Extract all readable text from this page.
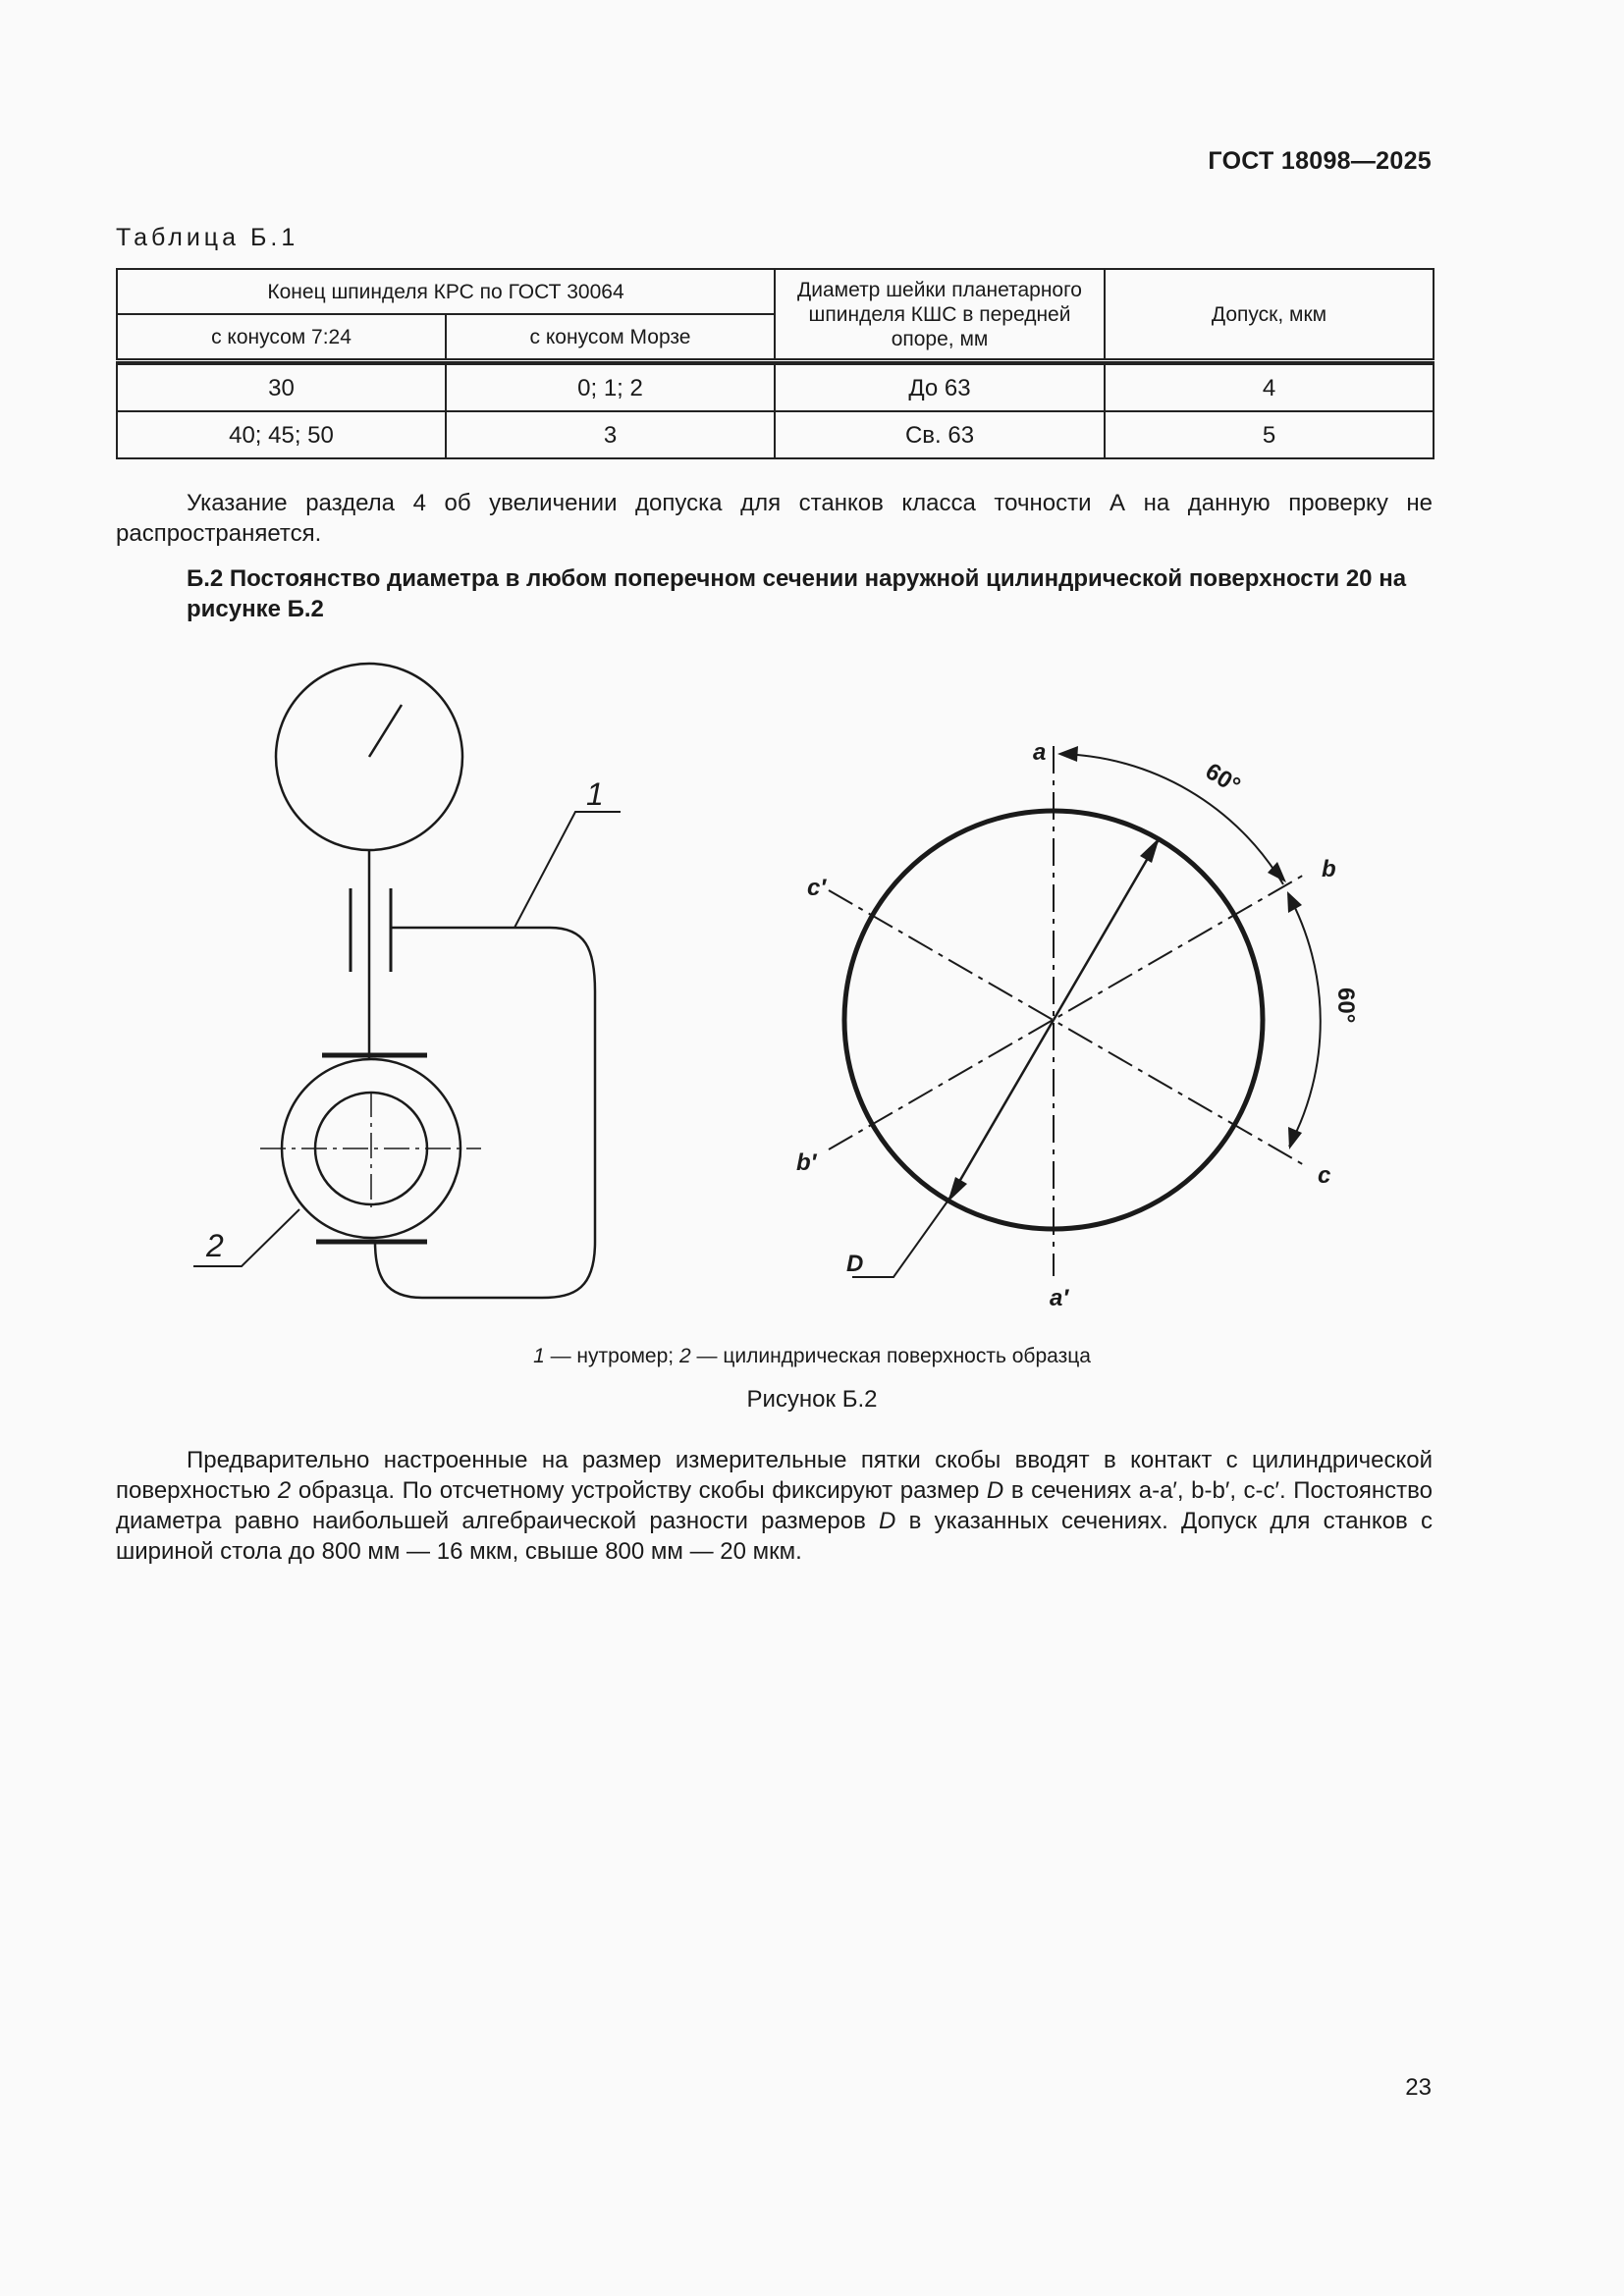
ГОСТ 18098—2025
Таблица Б.1
Конец шпинделя КРС по ГОСТ 30064		Диаметр шейки планетарного шпинделя КШС в передней опоре, мм	Допуск, мкм
с конусом 7:24	с конусом Морзе		

30	0; 1; 2	До 63	4
40; 45; 50	3	Св. 63	5
Указание раздела 4 об увеличении допуска для станков класса точности А на данную проверку не распространяется.
Б.2 Постоянство диаметра в любом поперечном сечении наружной цилиндрической поверхности 20 на рисунке Б.2
1
2
a
a′
b
b′	c
c′
D
60°
60°
1 — нутромер; 2 — цилиндрическая поверхность образца
Рисунок Б.2
Предварительно настроенные на размер измерительные пятки скобы вводят в контакт с цилиндрической поверхностью 2 образца. По отсчетному устройству скобы фиксируют размер D в сечениях a-a′, b-b′, c-c′. Постоянство диаметра равно наибольшей алгебраической разности размеров D в указанных сечениях. Допуск для станков с шириной стола до 800 мм — 16 мкм, свыше 800 мм — 20 мкм.
23
